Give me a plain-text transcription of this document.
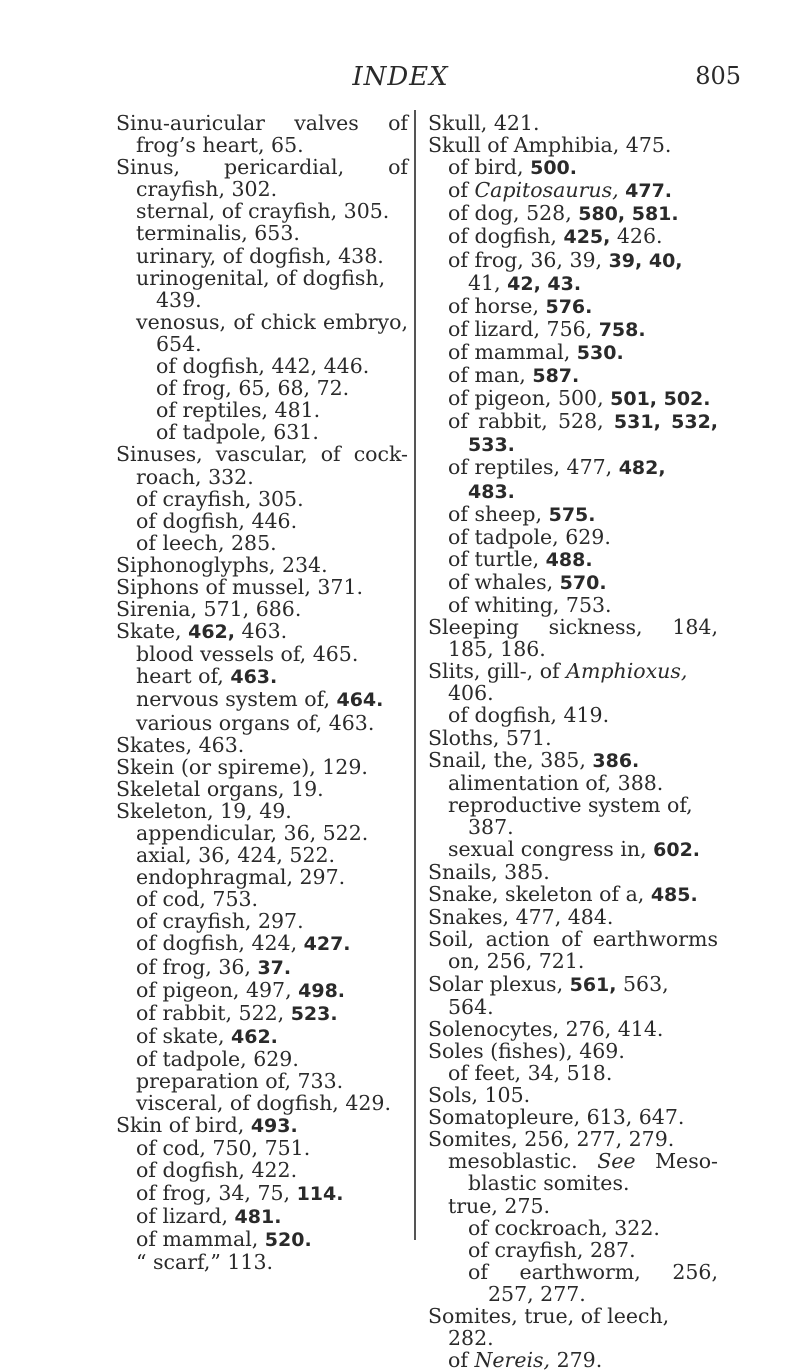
INDEX	805
Sinu-auricular valves of frog’s heart, 65.
Sinus, pericardial, of crayfish, 302.
sternal, of crayfish, 305.
terminalis, 653.
urinary, of dogfish, 438.
urinogenital, of dogfish, 439.
venosus, of chick embryo, 654.
of dogfish, 442, 446.
of frog, 65, 68, 72.
of reptiles, 481.
of tadpole, 631.
Sinuses, vascular, of cock-roach, 332.
of crayfish, 305.
of dogfish, 446.
of leech, 285.
Siphonoglyphs, 234.
Siphons of mussel, 371.
Sirenia, 571, 686.
Skate, 462, 463.
blood vessels of, 465.
heart of, 463.
nervous system of, 464.
various organs of, 463.
Skates, 463.
Skein (or spireme), 129.
Skeletal organs, 19.
Skeleton, 19, 49.
appendicular, 36, 522.
axial, 36, 424, 522.
endophragmal, 297.
of cod, 753.
of crayfish, 297.
of dogfish, 424, 427.
of frog, 36, 37.
of pigeon, 497, 498.
of rabbit, 522, 523.
of skate, 462.
of tadpole, 629.
preparation of, 733.
visceral, of dogfish, 429.
Skin of bird, 493.
of cod, 750, 751.
of dogfish, 422.
of frog, 34, 75, 114.
of lizard, 481.
of mammal, 520.
“ scarf,” 113.
Skull, 421.
Skull of Amphibia, 475.
of bird, 500.
of Capitosaurus, 477.
of dog, 528, 580, 581.
of dogfish, 425, 426.
of frog, 36, 39, 39, 40, 41, 42, 43.
of horse, 576.
of lizard, 756, 758.
of mammal, 530.
of man, 587.
of pigeon, 500, 501, 502.
of rabbit, 528, 531, 532, 533.
of reptiles, 477, 482, 483.
of sheep, 575.
of tadpole, 629.
of turtle, 488.
of whales, 570.
of whiting, 753.
Sleeping sickness, 184, 185, 186.
Slits, gill-, of Amphioxus, 406.
of dogfish, 419.
Sloths, 571.
Snail, the, 385, 386.
alimentation of, 388.
reproductive system of, 387.
sexual congress in, 602.
Snails, 385.
Snake, skeleton of a, 485.
Snakes, 477, 484.
Soil, action of earthworms on, 256, 721.
Solar plexus, 561, 563, 564.
Solenocytes, 276, 414.
Soles (fishes), 469.
of feet, 34, 518.
Sols, 105.
Somatopleure, 613, 647.
Somites, 256, 277, 279.
mesoblastic. See Meso-blastic somites.
true, 275.
of cockroach, 322.
of crayfish, 287.
of earthworm, 256, 257, 277.
Somites, true, of leech, 282.
of Nereis, 279.
